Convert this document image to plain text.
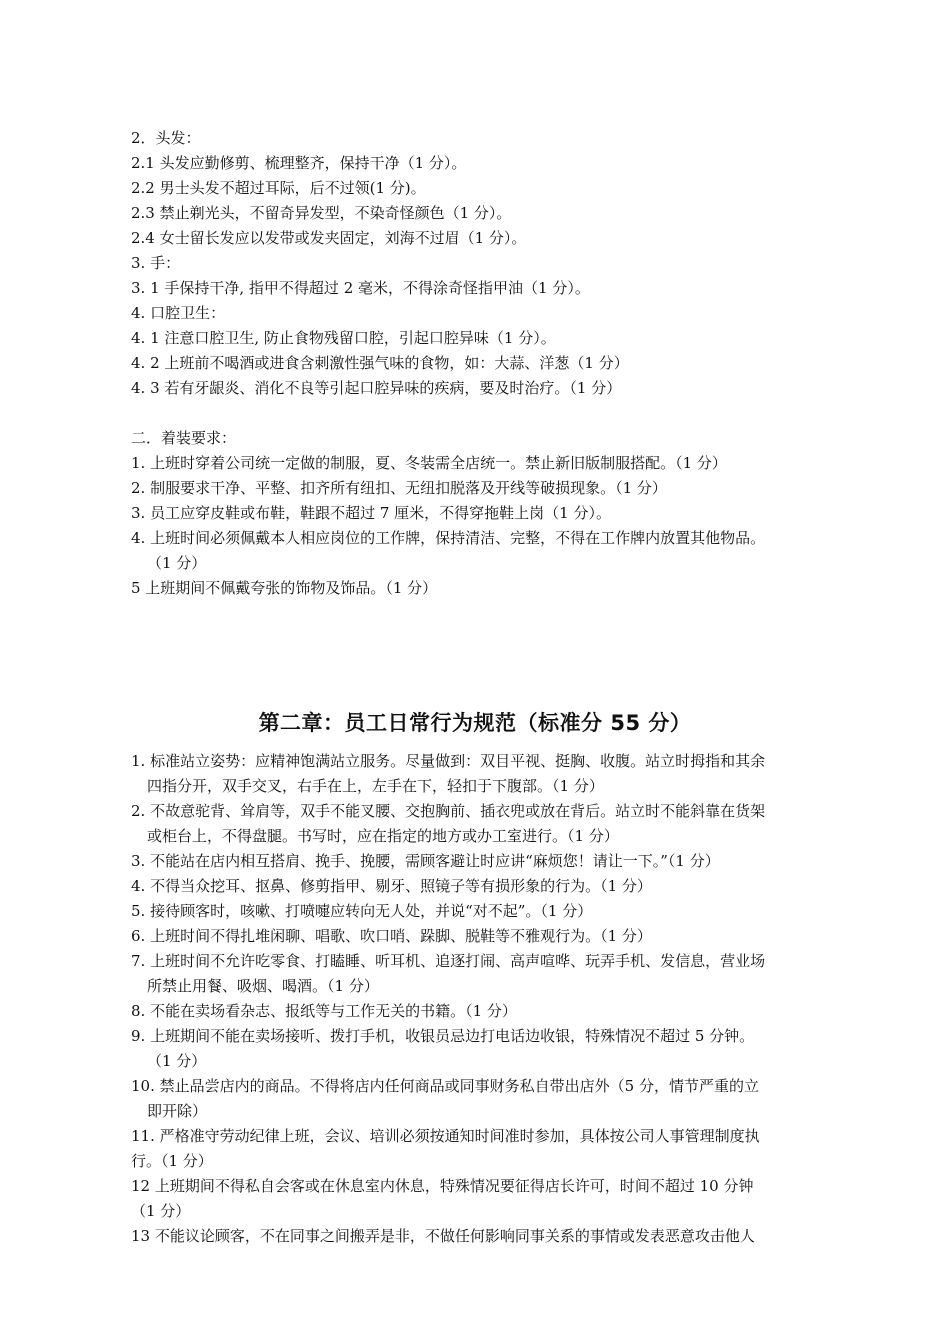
2．头发：
2.1 头发应勤修剪、梳理整齐，保持干净（1 分）。
2.2 男士头发不超过耳际，后不过领(1 分)。
2.3 禁止剃光头，不留奇异发型，不染奇怪颜色（1 分）。
2.4 女士留长发应以发带或发夹固定，刘海不过眉（1 分）。
3. 手：
3. 1 手保持干净, 指甲不得超过 2 毫米，不得涂奇怪指甲油（1 分）。
4. 口腔卫生：
4. 1 注意口腔卫生, 防止食物残留口腔，引起口腔异味（1 分）。
4. 2 上班前不喝酒或进食含刺激性强气味的食物，如：大蒜、洋葱（1 分）
4. 3 若有牙龈炎、消化不良等引起口腔异味的疾病，要及时治疗。（1 分）
二．着装要求：
1. 上班时穿着公司统一定做的制服，夏、冬装需全店统一。禁止新旧版制服搭配。（1 分）
2. 制服要求干净、平整、扣齐所有纽扣、无纽扣脱落及开线等破损现象。（1 分）
3. 员工应穿皮鞋或布鞋，鞋跟不超过 7 厘米，不得穿拖鞋上岗（1 分）。
4. 上班时间必须佩戴本人相应岗位的工作牌，保持清洁、完整，不得在工作牌内放置其他物品。
（1 分）
5 上班期间不佩戴夸张的饰物及饰品。（1 分）
第二章：员工日常行为规范（标准分 55 分）
1. 标准站立姿势：应精神饱满站立服务。尽量做到：双目平视、挺胸、收腹。站立时拇指和其余
四指分开，双手交叉，右手在上，左手在下，轻扣于下腹部。（1 分）
2. 不故意驼背、耸肩等，双手不能叉腰、交抱胸前、插衣兜或放在背后。站立时不能斜靠在货架
或柜台上，不得盘腿。书写时，应在指定的地方或办工室进行。（1 分）
3. 不能站在店内相互搭肩、挽手、挽腰，需顾客避让时应讲“麻烦您！请让一下。”（1 分）
4. 不得当众挖耳、抠鼻、修剪指甲、剔牙、照镜子等有损形象的行为。（1 分）
5. 接待顾客时，咳嗽、打喷嚏应转向无人处，并说“对不起”。（1 分）
6. 上班时间不得扎堆闲聊、唱歌、吹口哨、跺脚、脱鞋等不雅观行为。（1 分）
7. 上班时间不允许吃零食、打瞌睡、听耳机、追逐打闹、高声喧哗、玩弄手机、发信息，营业场
所禁止用餐、吸烟、喝酒。（1 分）
8. 不能在卖场看杂志、报纸等与工作无关的书籍。（1 分）
9. 上班期间不能在卖场接听、拨打手机，收银员忌边打电话边收银，特殊情况不超过 5 分钟。
（1 分）
10. 禁止品尝店内的商品。不得将店内任何商品或同事财务私自带出店外（5 分，情节严重的立
即开除）
11. 严格准守劳动纪律上班，会议、培训必须按通知时间准时参加，具体按公司人事管理制度执
行。（1 分）
12 上班期间不得私自会客或在休息室内休息，特殊情况要征得店长许可，时间不超过 10 分钟
（1 分）
13 不能议论顾客，不在同事之间搬弄是非，不做任何影响同事关系的事情或发表恶意攻击他人
